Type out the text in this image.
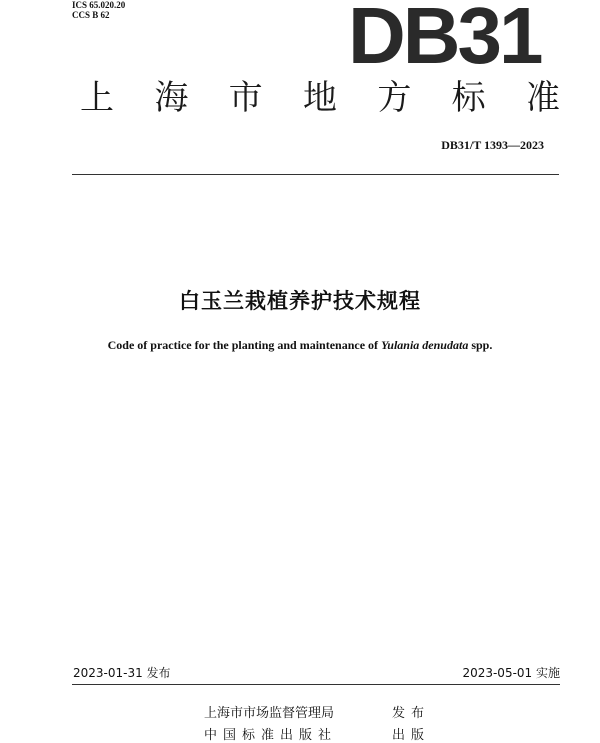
ICS 65.020.20
CCS B 62	DB31
上 海 市 地 方 标 准
DB31/T 1393—2023
白玉兰栽植养护技术规程
Code of practice for the planting and maintenance of Yulania denudata spp.
2023-01-31 发布	2023-05-01 实施
上海市市场监督管理局	发布
中国标准出版社	出版
